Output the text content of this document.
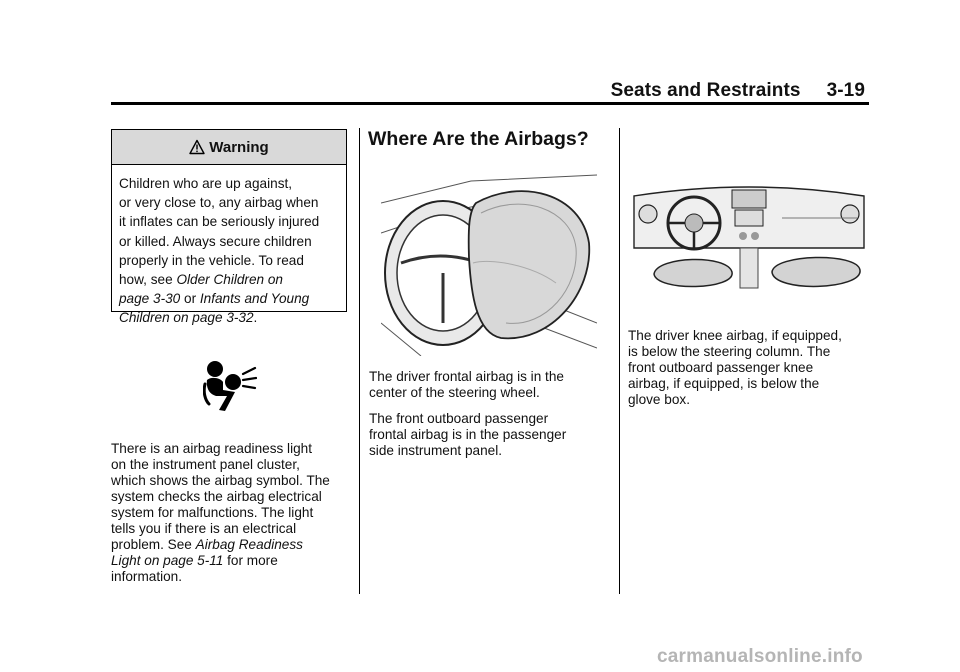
Seats and Restraints 3-19
Warning
Children who are up against,
or very close to, any airbag when
it inflates can be seriously injured
or killed. Always secure children
properly in the vehicle. To read
how, see Older Children on
page 3-30 or Infants and Young
Children on page 3-32.
There is an airbag readiness light
on the instrument panel cluster,
which shows the airbag symbol. The
system checks the airbag electrical
system for malfunctions. The light
tells you if there is an electrical
problem. See Airbag Readiness
Light on page 5-11 for more
information.
Where Are the Airbags?
The driver frontal airbag is in the
center of the steering wheel.
The front outboard passenger
frontal airbag is in the passenger
side instrument panel.
The driver knee airbag, if equipped,
is below the steering column. The
front outboard passenger knee
airbag, if equipped, is below the
glove box.
carmanualsonline.info
